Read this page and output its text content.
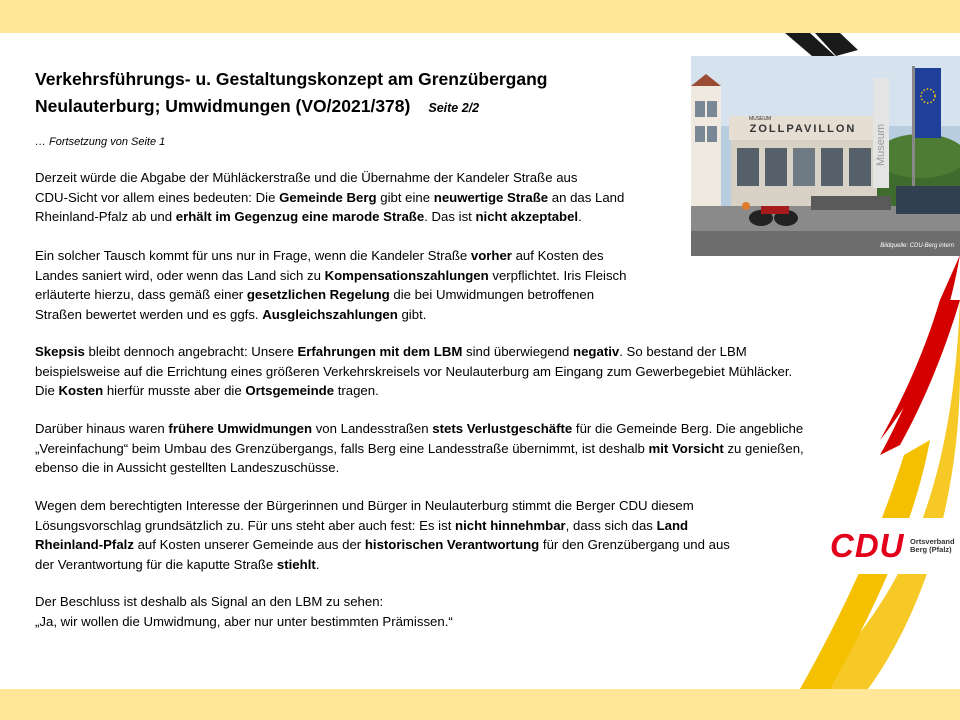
Verkehrsführungs- u. Gestaltungskonzept am Grenzübergang
Neulauterburg; Umwidmungen (VO/2021/378) Seite 2/2
… Fortsetzung von Seite 1

Derzeit würde die Abgabe der Mühläckerstraße und die Übernahme der Kandeler Straße aus
CDU-Sicht vor allem eines bedeuten: Die Gemeinde Berg gibt eine neuwertige Straße an das Land
Rheinland-Pfalz ab und erhält im Gegenzug eine marode Straße. Das ist nicht akzeptabel.

Ein solcher Tausch kommt für uns nur in Frage, wenn die Kandeler Straße vorher auf Kosten des
Landes saniert wird, oder wenn das Land sich zu Kompensationszahlungen verpflichtet. Iris Fleisch
erläuterte hierzu, dass gemäß einer gesetzlichen Regelung die bei Umwidmungen betroffenen
Straßen bewertet werden und es ggfs. Ausgleichszahlungen gibt.

Skepsis bleibt dennoch angebracht: Unsere Erfahrungen mit dem LBM sind überwiegend negativ. So bestand der LBM
beispielsweise auf die Errichtung eines größeren Verkehrskreisels vor Neulauterburg am Eingang zum Gewerbegebiet Mühläcker.
Die Kosten hierfür musste aber die Ortsgemeinde tragen.

Darüber hinaus waren frühere Umwidmungen von Landesstraßen stets Verlustgeschäfte für die Gemeinde Berg. Die angebliche
„Vereinfachung“ beim Umbau des Grenzübergangs, falls Berg eine Landesstraße übernimmt, ist deshalb mit Vorsicht zu genießen,
ebenso die in Aussicht gestellten Landeszuschüsse.

Wegen dem berechtigten Interesse der Bürgerinnen und Bürger in Neulauterburg stimmt die Berger CDU diesem
Lösungsvorschlag grundsätzlich zu. Für uns steht aber auch fest: Es ist nicht hinnehmbar, dass sich das Land
Rheinland-Pfalz auf Kosten unserer Gemeinde aus der historischen Verantwortung für den Grenzübergang und aus
der Verantwortung für die kaputte Straße stiehlt.

Der Beschluss ist deshalb als Signal an den LBM zu sehen:
„Ja, wir wollen die Umwidmung, aber nur unter bestimmten Prämissen.“

ZOLLPAVILLON
MUSEUM
Museum
Bildquelle: CDU-Berg intern
CDU Ortsverband
Berg (Pfalz)
